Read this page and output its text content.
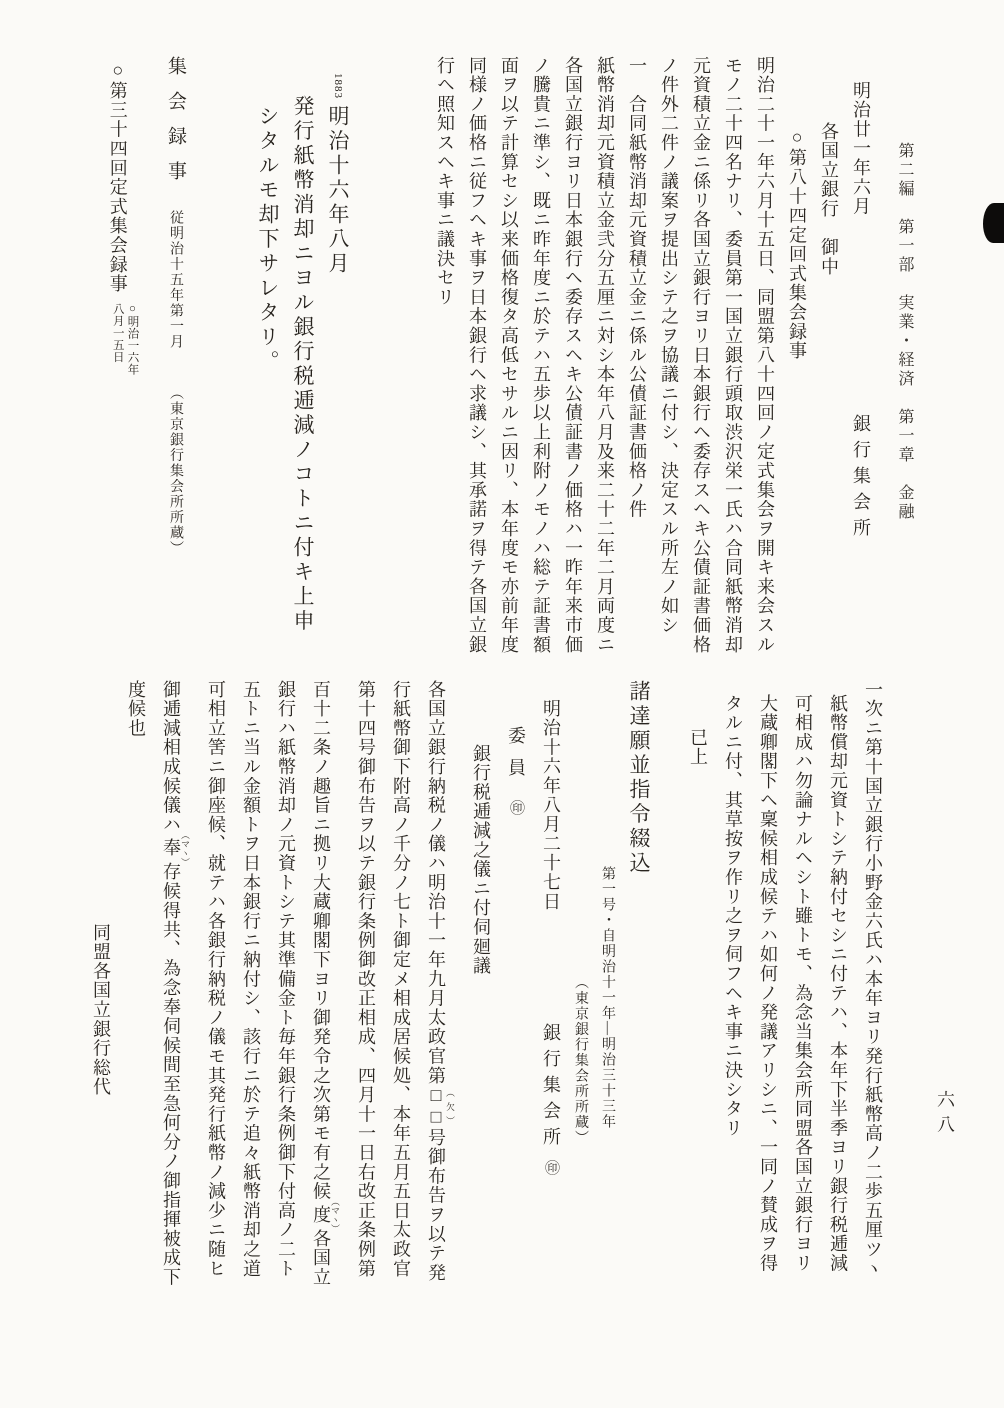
第二編　第一部　実業・経済　第一章　金融
明治廿一年六月銀行集会所
各国立銀行　御中
○第八十四定回式集会録事
明治二十一年六月十五日、同盟第八十四回ノ定式集会ヲ開キ来会スル
モノ二十四名ナリ、委員第一国立銀行頭取渋沢栄一氏ハ合同紙幣消却
元資積立金ニ係リ各国立銀行ヨリ日本銀行ヘ委存スヘキ公債証書価格
ノ件外二件ノ議案ヲ提出シテ之ヲ協議ニ付シ、決定スル所左ノ如シ
一　合同紙幣消却元資積立金ニ係ル公債証書価格ノ件
紙幣消却元資積立金弐分五厘ニ対シ本年八月及来二十二年二月両度ニ
各国立銀行ヨリ日本銀行ヘ委存スヘキ公債証書ノ価格ハ一昨年来市価
ノ騰貴ニ準シ、既ニ昨年度ニ於テハ五歩以上利附ノモノハ総テ証書額
面ヲ以テ計算セシ以来価格復タ高低セサルニ因リ、本年度モ亦前年度
同様ノ価格ニ従フヘキ事ヲ日本銀行ヘ求議シ、其承諾ヲ得テ各国立銀
行ヘ照知スヘキ事ニ議決セリ
1883明治十六年八月
発行紙幣消却ニヨル銀行税逓減ノコトニ付キ上申
シタルモ却下サレタリ。
集会録事従明治十五年第一月（東京銀行集会所所蔵）
○第三十四回定式集会録事
○明治一六年
八月一五日
一次ニ第十国立銀行小野金六氏ハ本年ヨリ発行紙幣高ノ二歩五厘ツヽ
紙幣償却元資トシテ納付セシニ付テハ、本年下半季ヨリ銀行税逓減
可相成ハ勿論ナルヘシト雖トモ、為念当集会所同盟各国立銀行ヨリ
大蔵卿閣下ヘ稟候相成候テハ如何ノ発議アリシニ、一同ノ賛成ヲ得
タルニ付、其草按ヲ作リ之ヲ伺フヘキ事ニ決シタリ
已上
諸達願並指令綴込
第一号・自明治十一年―明治三十三年
（東京銀行集会所所蔵）
明治十六年八月二十七日銀行集会所㊞
委員㊞
銀行税逓減之儀ニ付伺廻議
各国立銀行納税ノ儀ハ明治十一年九月太政官第□□ （欠）号御布告ヲ以テ発
行紙幣御下附高ノ千分ノ七ト御定メ相成居候処、本年五月五日太政官
第十四号御布告ヲ以テ銀行条例御改正相成、四月十一日右改正条例第
百十二条ノ趣旨ニ拠リ大蔵卿閣下ヨリ御発令之次第モ有之候度 （マヽ）各国立
銀行ハ紙幣消却ノ元資トシテ其準備金ト毎年銀行条例御下付高ノ二ト
五トニ当ル金額トヲ日本銀行ニ納付シ、該行ニ於テ追々紙幣消却之道
可相立筈ニ御座候、就テハ各銀行納税ノ儀モ其発行紙幣ノ減少ニ随ヒ
御逓減相成候儀ハ奉 （マヽ）存候得共、為念奉伺候間至急何分ノ御指揮被成下
度候也
同盟各国立銀行総代
六八
